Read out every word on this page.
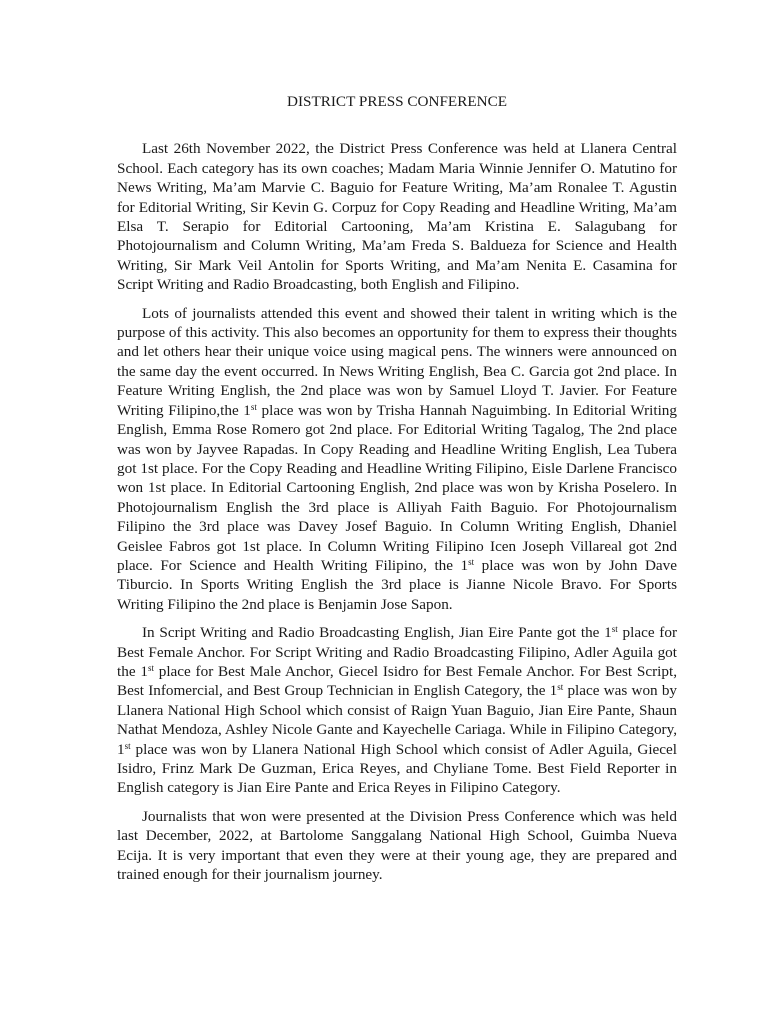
DISTRICT PRESS CONFERENCE

Last 26th November 2022, the District Press Conference was held at Llanera Central School. Each category has its own coaches; Madam Maria Winnie Jennifer O. Matutino for News Writing, Ma’am Marvie C. Baguio for Feature Writing, Ma’am Ronalee T. Agustin for Editorial Writing, Sir Kevin G. Corpuz for Copy Reading and Headline Writing, Ma’am Elsa T. Serapio for Editorial Cartooning, Ma’am Kristina E. Salagubang for Photojournalism and Column Writing, Ma’am Freda S. Baldueza for Science and Health Writing, Sir Mark Veil Antolin for Sports Writing, and Ma’am Nenita E. Casamina for Script Writing and Radio Broadcasting, both English and Filipino.

Lots of journalists attended this event and showed their talent in writing which is the purpose of this activity. This also becomes an opportunity for them to express their thoughts and let others hear their unique voice using magical pens. The winners were announced on the same day the event occurred. In News Writing English, Bea C. Garcia got 2nd place. In Feature Writing English, the 2nd place was won by Samuel Lloyd T. Javier. For Feature Writing Filipino,the 1st place was won by Trisha Hannah Naguimbing. In Editorial Writing English, Emma Rose Romero got 2nd place. For Editorial Writing Tagalog, The 2nd place was won by Jayvee Rapadas. In Copy Reading and Headline Writing English, Lea Tubera got 1st place. For the Copy Reading and Headline Writing Filipino, Eisle Darlene Francisco won 1st place. In Editorial Cartooning English, 2nd place was won by Krisha Poselero. In Photojournalism English the 3rd place is Alliyah Faith Baguio. For Photojournalism Filipino the 3rd place was Davey Josef Baguio. In Column Writing English, Dhaniel Geislee Fabros got 1st place. In Column Writing Filipino Icen Joseph Villareal got 2nd place. For Science and Health Writing Filipino, the 1st place was won by John Dave Tiburcio. In Sports Writing English the 3rd place is Jianne Nicole Bravo. For Sports Writing Filipino the 2nd place is Benjamin Jose Sapon.

In Script Writing and Radio Broadcasting English, Jian Eire Pante got the 1st place for Best Female Anchor. For Script Writing and Radio Broadcasting Filipino, Adler Aguila got the 1st place for Best Male Anchor, Giecel Isidro for Best Female Anchor. For Best Script, Best Infomercial, and Best Group Technician in English Category, the 1st place was won by Llanera National High School which consist of Raign Yuan Baguio, Jian Eire Pante, Shaun Nathat Mendoza, Ashley Nicole Gante and Kayechelle Cariaga. While in Filipino Category, 1st place was won by Llanera National High School which consist of Adler Aguila, Giecel Isidro, Frinz Mark De Guzman, Erica Reyes, and Chyliane Tome. Best Field Reporter in English category is Jian Eire Pante and Erica Reyes in Filipino Category.

Journalists that won were presented at the Division Press Conference which was held last December, 2022, at Bartolome Sanggalang National High School, Guimba Nueva Ecija. It is very important that even they were at their young age, they are prepared and trained enough for their journalism journey.
